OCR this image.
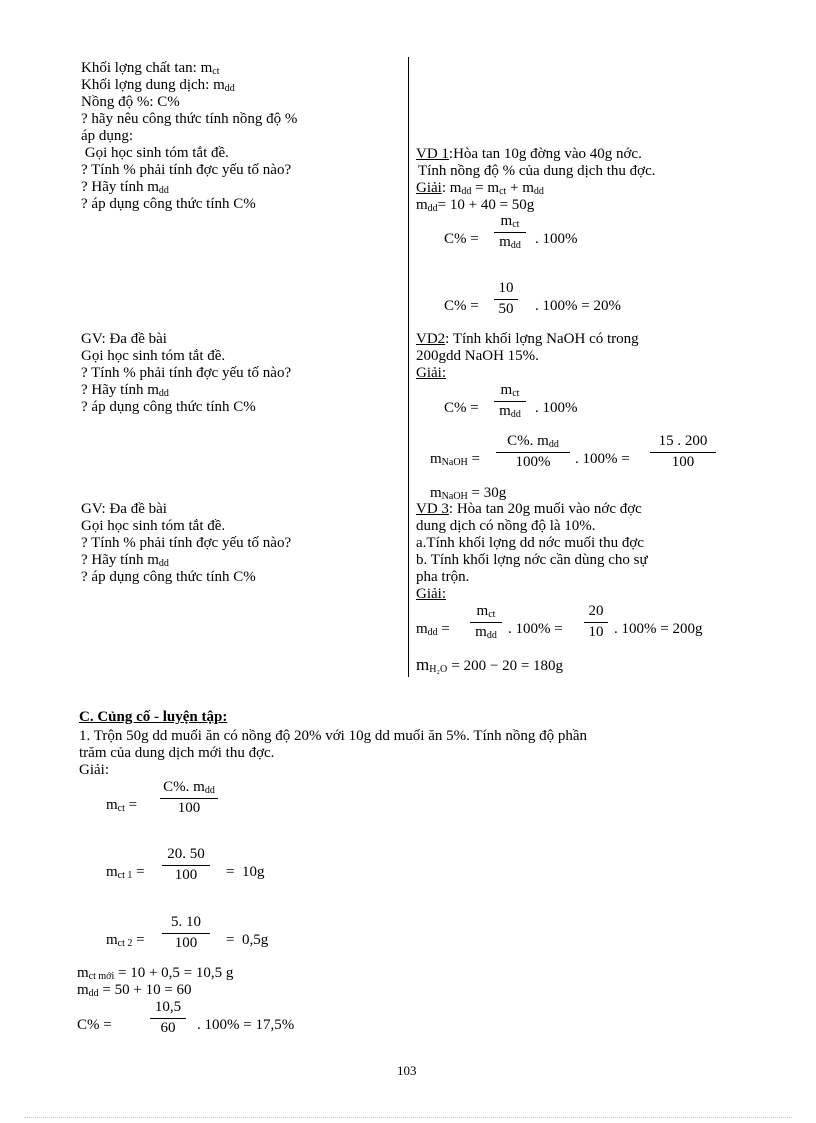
Khối lợng chất tan: $m_{ct}$
Khối lợng dung dịch: $m_{dd}$
Nồng độ %: C%
? hãy nêu công thức tính nồng độ %
áp dụng:
Gọi học sinh tóm tắt đề.
? Tính % phải tính đợc yếu tố nào?
? Hãy tính $m_{dd}$
? áp dụng công thức tính C%
GV: Đa đề bài
Gọi học sinh tóm tắt đề.
? Tính % phải tính đợc yếu tố nào?
? Hãy tính $m_{dd}$
? áp dụng công thức tính C%
GV: Đa đề bài
Gọi học sinh tóm tắt đề.
? Tính % phải tính đợc yếu tố nào?
? Hãy tính $m_{dd}$
? áp dụng công thức tính C%
VD 1:Hòa tan 10g đờng vào 40g nớc.
Tính nồng độ % của dung dịch thu đợc.
Giải: $m_{dd} = m_{ct} + m_{dd}$
$m_{dd}= 10 + 40 = 50g$
C% =
$m_{ct}$
$m_{dd}$ . 100%
C% =
10
50	. 100% = 20%
VD2: Tính khối lợng NaOH có trong
200gdd NaOH 15%.
Giải:
C% =
$m_{ct}$
$m_{dd}$ . 100%
$m_{NaOH}$ =
C%. $m_{dd}$
100%	. 100% =
15 . 200
100
$m_{NaOH} = 30g$
VD 3: Hòa tan 20g muối vào nớc đợc
dung dịch có nồng độ là 10%.
a.Tính khối lợng dd nớc muối thu đợc
b. Tính khối lợng nớc cần dùng cho sự
pha trộn.
Giải:
$m_{dd}$ =
$m_{ct}$
$m_{dd}$ . 100% =
20
10 . 100% = 200g
$m_{H_2O} = 200 - 20 = 180g$
C. Củng cố - luyện tập:
1. Trộn 50g dd muối ăn có nồng độ 20% với 10g dd muối ăn 5%. Tính nồng độ phần
trăm của dung dịch mới thu đợc.
Giải:
$m_{ct}$ =
C%. $m_{dd}$
100
$m_{ct 1}$ =
20. 50
100	=  10g
$m_{ct 2}$ =
5. 10
100	=  0,5g
$m_{ct mới} = 10 + 0,5 = 10,5$ g
$m_{dd} = 50 + 10 = 60$
C% =
10,5
60	. 100% = 17,5%
103
